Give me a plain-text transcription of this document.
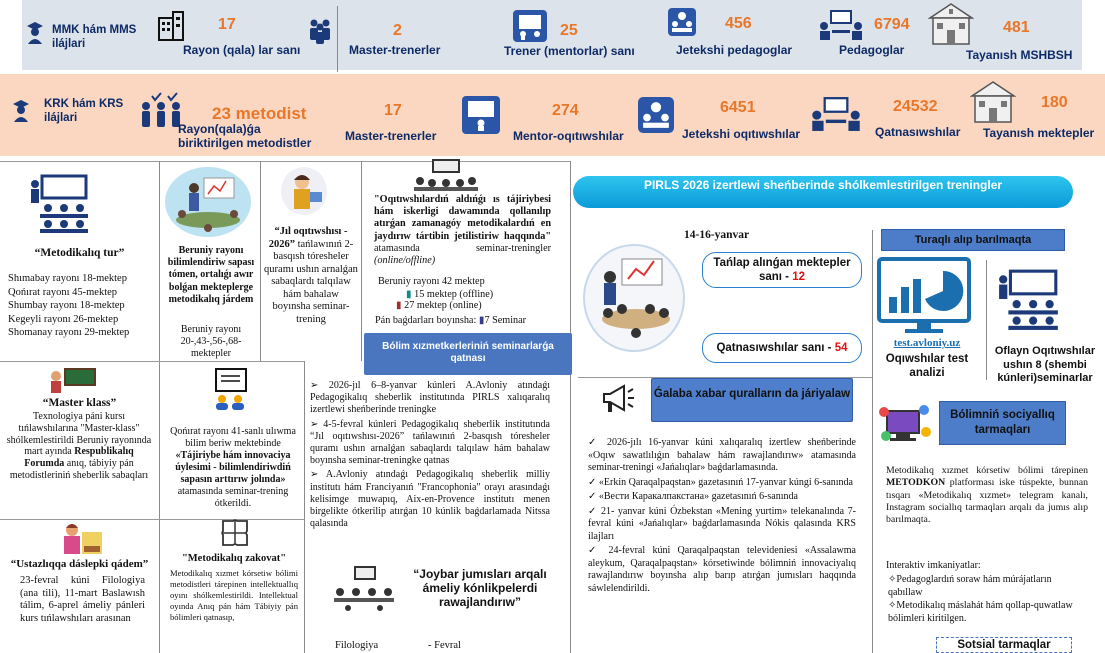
MMK hám MMS ilájlari
17
Rayon (qala) lar sanı
2
Master-trenerler
25
Trener (mentorlar) sanı
456
Jetekshi pedagoglar
6794
Pedagoglar
481
Tayanısh MSHBSH
KRK hám KRS ilájlari	23 metodist
Rayon(qala)ǵa biriktirilgen metodistler
17
Master-trenerler
274
Mentor-oqıtıwshılar
6451
Jetekshi oqıtıwshılar
24532
Qatnasıwshılar
180
Tayanısh mektepler
“Metodikalıq tur”
Shımabay rayonı 18-mektep
Qońırat rayonı 45-mektep
Shumbay rayonı 18-mektep
Kegeyli rayonı 26-mektep
Shomanay rayonı 29-mektep
“Master klass”
Texnologiya páni kursı tıńlawshılarına "Master-klass" shólkemlestirildi Beruniy rayonında mart ayında Respublikalıq Forumda anıq, tábiyiy pán metodistleriniń sheberlik sabaqları
“Ustazlıqqa dáslepki qádem”
23-fevral kúni Filologiya (ana tili), 11-mart Baslawısh tálim, 6-aprel ámeliy pánleri kurs tıńlawshıları arasınan
Beruniy rayonı bilimlendiriw sapası tómen, ortalıǵı awır bolǵan mekteplerge metodikalıq járdem
Beruniy rayonı 20-,43-,56-,68-mektepler
Qońırat rayonı 41-sanlı ulıwma bilim beriw mektebinde «Tájiriybe hám innovaciya úylesimi - bilimlendiriwdiń sapasın arttırıw jolında» atamasında seminar-trening ótkerildi.
"Metodikalıq zakovat"
Metodikalıq xızmet kórsetiw bólimi metodistleri tárepinen intellektuallıq oyını shólkemlestirildi. Intellektual oyında Anıq pán hám Tábiyiy pán bólimleri qatnasıp,
“Jıl oqıtıwshısı - 2026” tańlawınıń 2-basqısh tóresheler quramı ushın arnalǵan sabaqlardı talqılaw hám bahalaw boyınsha seminar-trening
"Oqıtıwshılardıń aldıńǵı ıs tájiriybesi hám iskerligi dawamında qollanılıp atırǵan zamanagóy metodikalardıń en jaydırıw tártibin jetilistiriw haqqında" atamasında seminar-treningler (online/offline)
Beruniy rayonı 42 mektep
▮ 15 mektep (offline)
▮ 27 mektep (online)
Pán baǵdarları boyınsha: ▮7 Seminar
Bólim xızmetkerleriniń seminarlarǵa qatnası
➢ 2026-jıl 6–8-yanvar kúnleri A.Avloniy atındaǵı Pedagogikalıq sheberlik institutında PIRLS xalıqaralıq izertlewi sheńberinde treningke
➢ 4-5-fevral kúnleri Pedagogikalıq sheberlik institutında “Jıl oqıtıwshısı-2026” tańlawınıń 2-basqısh tóresheler quramı ushın arnalǵan sabaqlardı talqılaw hám bahalaw boyınsha seminar-treningke qatnas
➢ A.Avloniy atındaǵı Pedagogikalıq sheberlik milliy institutı hám Franciyanıń "Francophonia" orayı arasındaǵı kelisimge muwapıq, Aix-en-Provence institutı menen birgelikte ótkerilip atırǵan 10 kúnlik baǵdarlamada Nitssa qalasında
“Joybar jumısları arqalı ámeliy kónlikpelerdi rawajlandırıw”
Filologiya	- Fevral
PIRLS 2026 izertlewi sheńberinde shólkemlestirilgen treningler
14-16-yanvar
Tańlap alınǵan mektepler sanı - 12
Qatnasıwshılar sanı - 54
Ǵalaba xabar quralların da járiyalaw
✓ 2026-jılı 16-yanvar kúni xalıqaralıq izertlew sheńberinde «Oqıw sawatlılıǵın bahalaw hám rawajlandırıw» atamasında seminar-treningi «Jańalıqlar» baǵdarlamasında.
✓ «Erkin Qaraqalpaqstan» gazetasınıń 17-yanvar kúngi 6-sanında
✓ «Вести Каракалпакстана» gazetasınıń 6-sanında
✓ 21- yanvar kúni Ózbekstan «Mening yurtim» telekanalında 7-fevral kúni «Jańalıqlar» baǵdarlamasında Nókis qalasında KRS ilajları
✓ 24-fevral kúni Qaraqalpaqstan televideniesi «Assalawma aleykum, Qaraqalpaqstan» kórsetiwinde bólimniń innovaciyalıq rawajlandırıw boyınsha alıp barıp atırǵan jumısları haqqında sáwlelendirildi.
Turaqlı alıp barılmaqta
test.avloniy.uz
Oqıwshılar test analizi
Oflayn Oqıtıwshılar ushın 8 (shembi kúnleri)seminarlar
Bólimniń sociyallıq tarmaqları
Metodikalıq xızmet kórsetiw bólimi tárepinen METODKON platforması iske túspekte, bunnan tısqarı «Metodikalıq xızmet» telegram kanalı, Instagram sociallıq tarmaqları arqalı da jumıs alıp barılmaqta.
Interaktiv imkaniyatlar:
✧Pedagoglardıń soraw hám múrájatların qabıllaw
✧Metodikalıq máslahát hám qollap-quwatlaw bólimleri kiritilgen.
Sotsial tarmaqlar
